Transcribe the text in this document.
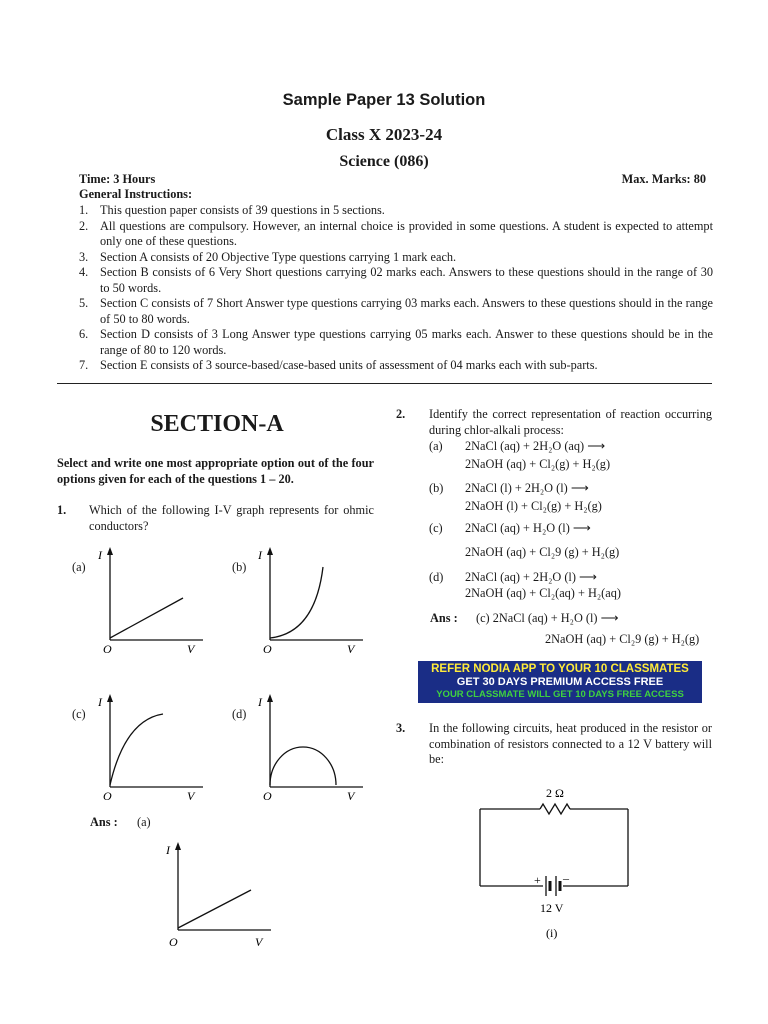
Sample Paper 13 Solution
Class X 2023-24
Science (086)
Time: 3 Hours	Max. Marks: 80
General Instructions:
1. This question paper consists of 39 questions in 5 sections.
2. All questions are compulsory. However, an internal choice is provided in some questions. A student is expected to attempt only one of these questions.
3. Section A consists of 20 Objective Type questions carrying 1 mark each.
4. Section B consists of 6 Very Short questions carrying 02 marks each. Answers to these questions should in the range of 30 to 50 words.
5. Section C consists of 7 Short Answer type questions carrying 03 marks each. Answers to these questions should in the range of 50 to 80 words.
6. Section D consists of 3 Long Answer type questions carrying 05 marks each. Answer to these questions should be in the range of 80 to 120 words.
7. Section E consists of 3 source-based/case-based units of assessment of 04 marks each with sub-parts.
SECTION-A
Select and write one most appropriate option out of the four options given for each of the questions 1 – 20.
1. Which of the following I-V graph represents for ohmic conductors?
(a)
I
O	V
(b)
I
O	V
(c)
I
O	V
(d)
I
O	V
Ans : (a)
I
O	V
2. Identify the correct representation of reaction occurring during chlor-alkali process:
(a) 2NaCl (aq) + 2H₂O (aq) ⟶
2NaOH (aq) + Cl₂(g) + H₂(g)
(b) 2NaCl (l) + 2H₂O (l) ⟶
2NaOH (l) + Cl₂(g) + H₂(g)
(c) 2NaCl (aq) + H₂O (l) ⟶
2NaOH (aq) + Cl₂9 (g) + H₂(g)
(d) 2NaCl (aq) + 2H₂O (l) ⟶
2NaOH (aq) + Cl₂(aq) + H₂(aq)
Ans : (c) 2NaCl (aq) + H₂O (l) ⟶
2NaOH (aq) + Cl₂9 (g) + H₂(g)
REFER NODIA APP TO YOUR 10 CLASSMATES
GET 30 DAYS PREMIUM ACCESS FREE
YOUR CLASSMATE WILL GET 10 DAYS FREE ACCESS
3. In the following circuits, heat produced in the resistor or combination of resistors connected to a 12 V battery will be:
2 Ω
+ –
12 V
(i)
